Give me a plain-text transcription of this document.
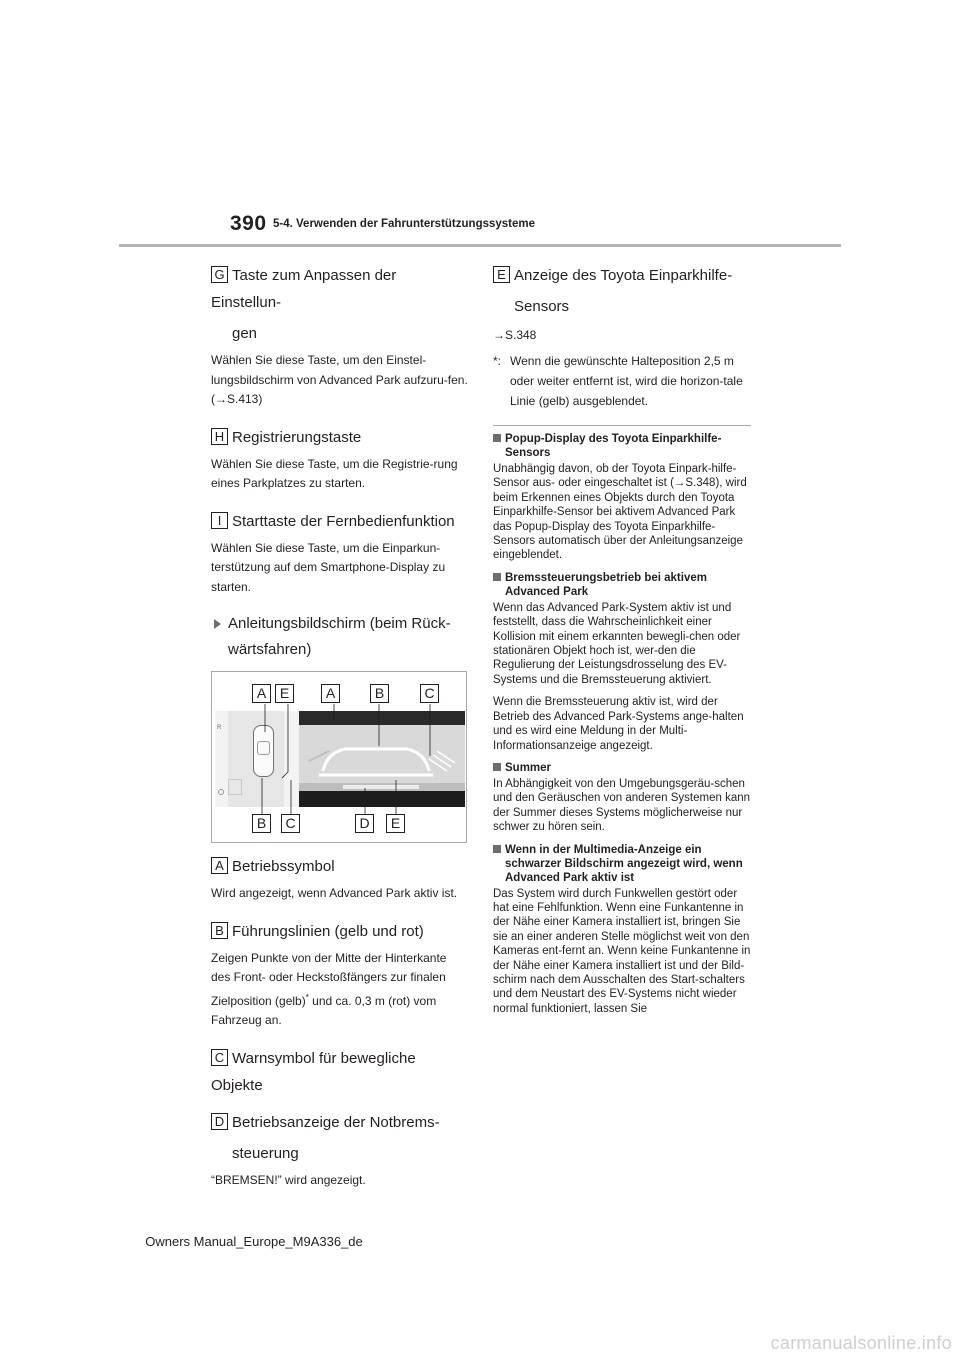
390 5-4. Verwenden der Fahrunterstützungssysteme

G Taste zum Anpassen der Einstellun-
gen

Wählen Sie diese Taste, um den Einstel-lungsbildschirm von Advanced Park aufzuru-fen. (→S.413)

H Registrierungstaste

Wählen Sie diese Taste, um die Registrie-rung eines Parkplatzes zu starten.

I Starttaste der Fernbedienfunktion

Wählen Sie diese Taste, um die Einparkun-terstützung auf dem Smartphone-Display zu starten.

Anleitungsbildschirm (beim Rück-wärtsfahren)

R
A E	A	B	C
B	C	D	E

A Betriebssymbol

Wird angezeigt, wenn Advanced Park aktiv ist.

B Führungslinien (gelb und rot)

Zeigen Punkte von der Mitte der Hinterkante des Front- oder Heckstoßfängers zur finalen Zielposition (gelb)* und ca. 0,3 m (rot) vom Fahrzeug an.

C Warnsymbol für bewegliche Objekte

D Betriebsanzeige der Notbrems-
steuerung

“BREMSEN!” wird angezeigt.

E Anzeige des Toyota Einparkhilfe-
Sensors

→S.348

*: Wenn die gewünschte Halteposition 2,5 m oder weiter entfernt ist, wird die horizon-tale Linie (gelb) ausgeblendet.

Popup-Display des Toyota Einparkhilfe-Sensors

Unabhängig davon, ob der Toyota Einpark-hilfe-Sensor aus- oder eingeschaltet ist (→S.348), wird beim Erkennen eines Objekts durch den Toyota Einparkhilfe-Sensor bei aktivem Advanced Park das Popup-Display des Toyota Einparkhilfe-Sensors automatisch über der Anleitungsanzeige eingeblendet.

Bremssteuerungsbetrieb bei aktivem Advanced Park

Wenn das Advanced Park-System aktiv ist und feststellt, dass die Wahrscheinlichkeit einer Kollision mit einem erkannten bewegli-chen oder stationären Objekt hoch ist, wer-den die Regulierung der Leistungsdrosselung des EV-Systems und die Bremssteuerung aktiviert.

Wenn die Bremssteuerung aktiv ist, wird der Betrieb des Advanced Park-Systems ange-halten und es wird eine Meldung in der Multi-Informationsanzeige angezeigt.

Summer

In Abhängigkeit von den Umgebungsgeräu-schen und den Geräuschen von anderen Systemen kann der Summer dieses Systems möglicherweise nur schwer zu hören sein.

Wenn in der Multimedia-Anzeige ein schwarzer Bildschirm angezeigt wird, wenn Advanced Park aktiv ist

Das System wird durch Funkwellen gestört oder hat eine Fehlfunktion. Wenn eine Funkantenne in der Nähe einer Kamera installiert ist, bringen Sie sie an einer anderen Stelle möglichst weit von den Kameras ent-fernt an. Wenn keine Funkantenne in der Nähe einer Kamera installiert ist und der Bild-schirm nach dem Ausschalten des Start-schalters und dem Neustart des EV-Systems nicht wieder normal funktioniert, lassen Sie

Owners Manual_Europe_M9A336_de
carmanualsonline.info
